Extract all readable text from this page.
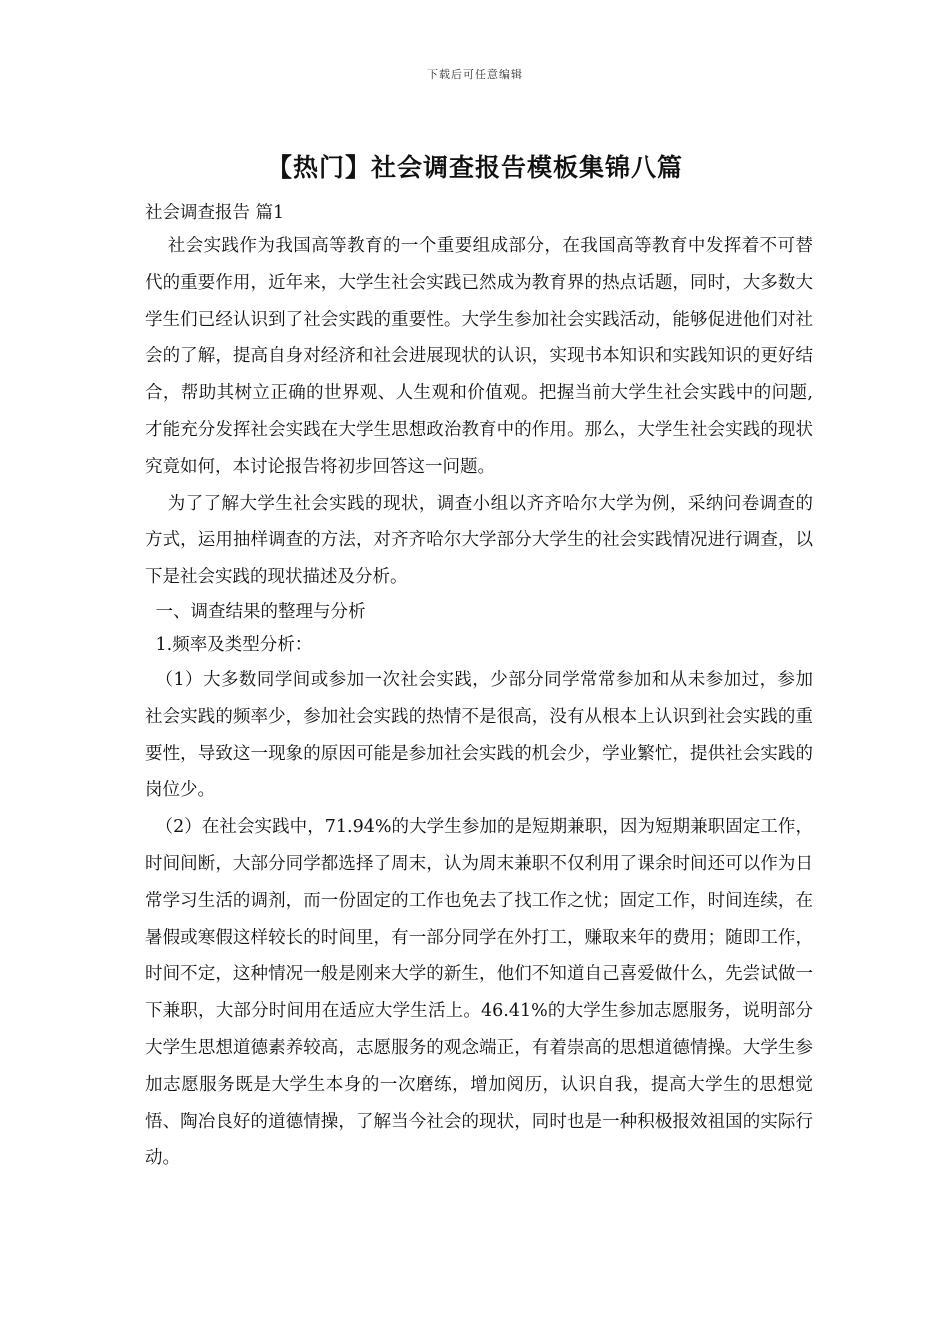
下载后可任意编辑
【热门】社会调查报告模板集锦八篇

社会调查报告 篇1

社会实践作为我国高等教育的一个重要组成部分，在我国高等教育中发挥着不可替代的重要作用，近年来，大学生社会实践已然成为教育界的热点话题，同时，大多数大学生们已经认识到了社会实践的重要性。大学生参加社会实践活动，能够促进他们对社会的了解，提高自身对经济和社会进展现状的认识，实现书本知识和实践知识的更好结合，帮助其树立正确的世界观、人生观和价值观。把握当前大学生社会实践中的问题,才能充分发挥社会实践在大学生思想政治教育中的作用。那么，大学生社会实践的现状究竟如何，本讨论报告将初步回答这一问题。

为了了解大学生社会实践的现状，调查小组以齐齐哈尔大学为例，采纳问卷调查的方式，运用抽样调查的方法，对齐齐哈尔大学部分大学生的社会实践情况进行调查，以下是社会实践的现状描述及分析。

一、调查结果的整理与分析

1.频率及类型分析：

（1）大多数同学间或参加一次社会实践，少部分同学常常参加和从未参加过，参加社会实践的频率少，参加社会实践的热情不是很高，没有从根本上认识到社会实践的重要性，导致这一现象的原因可能是参加社会实践的机会少，学业繁忙，提供社会实践的岗位少。

（2）在社会实践中，71.94%的大学生参加的是短期兼职，因为短期兼职固定工作，时间间断，大部分同学都选择了周末，认为周末兼职不仅利用了课余时间还可以作为日常学习生活的调剂，而一份固定的工作也免去了找工作之忧；固定工作，时间连续，在暑假或寒假这样较长的时间里，有一部分同学在外打工，赚取来年的费用；随即工作，时间不定，这种情况一般是刚来大学的新生，他们不知道自己喜爱做什么，先尝试做一下兼职，大部分时间用在适应大学生活上。46.41%的大学生参加志愿服务，说明部分大学生思想道德素养较高，志愿服务的观念端正，有着崇高的思想道德情操。大学生参加志愿服务既是大学生本身的一次磨练，增加阅历，认识自我，提高大学生的思想觉悟、陶冶良好的道德情操，了解当今社会的现状，同时也是一种积极报效祖国的实际行动。
